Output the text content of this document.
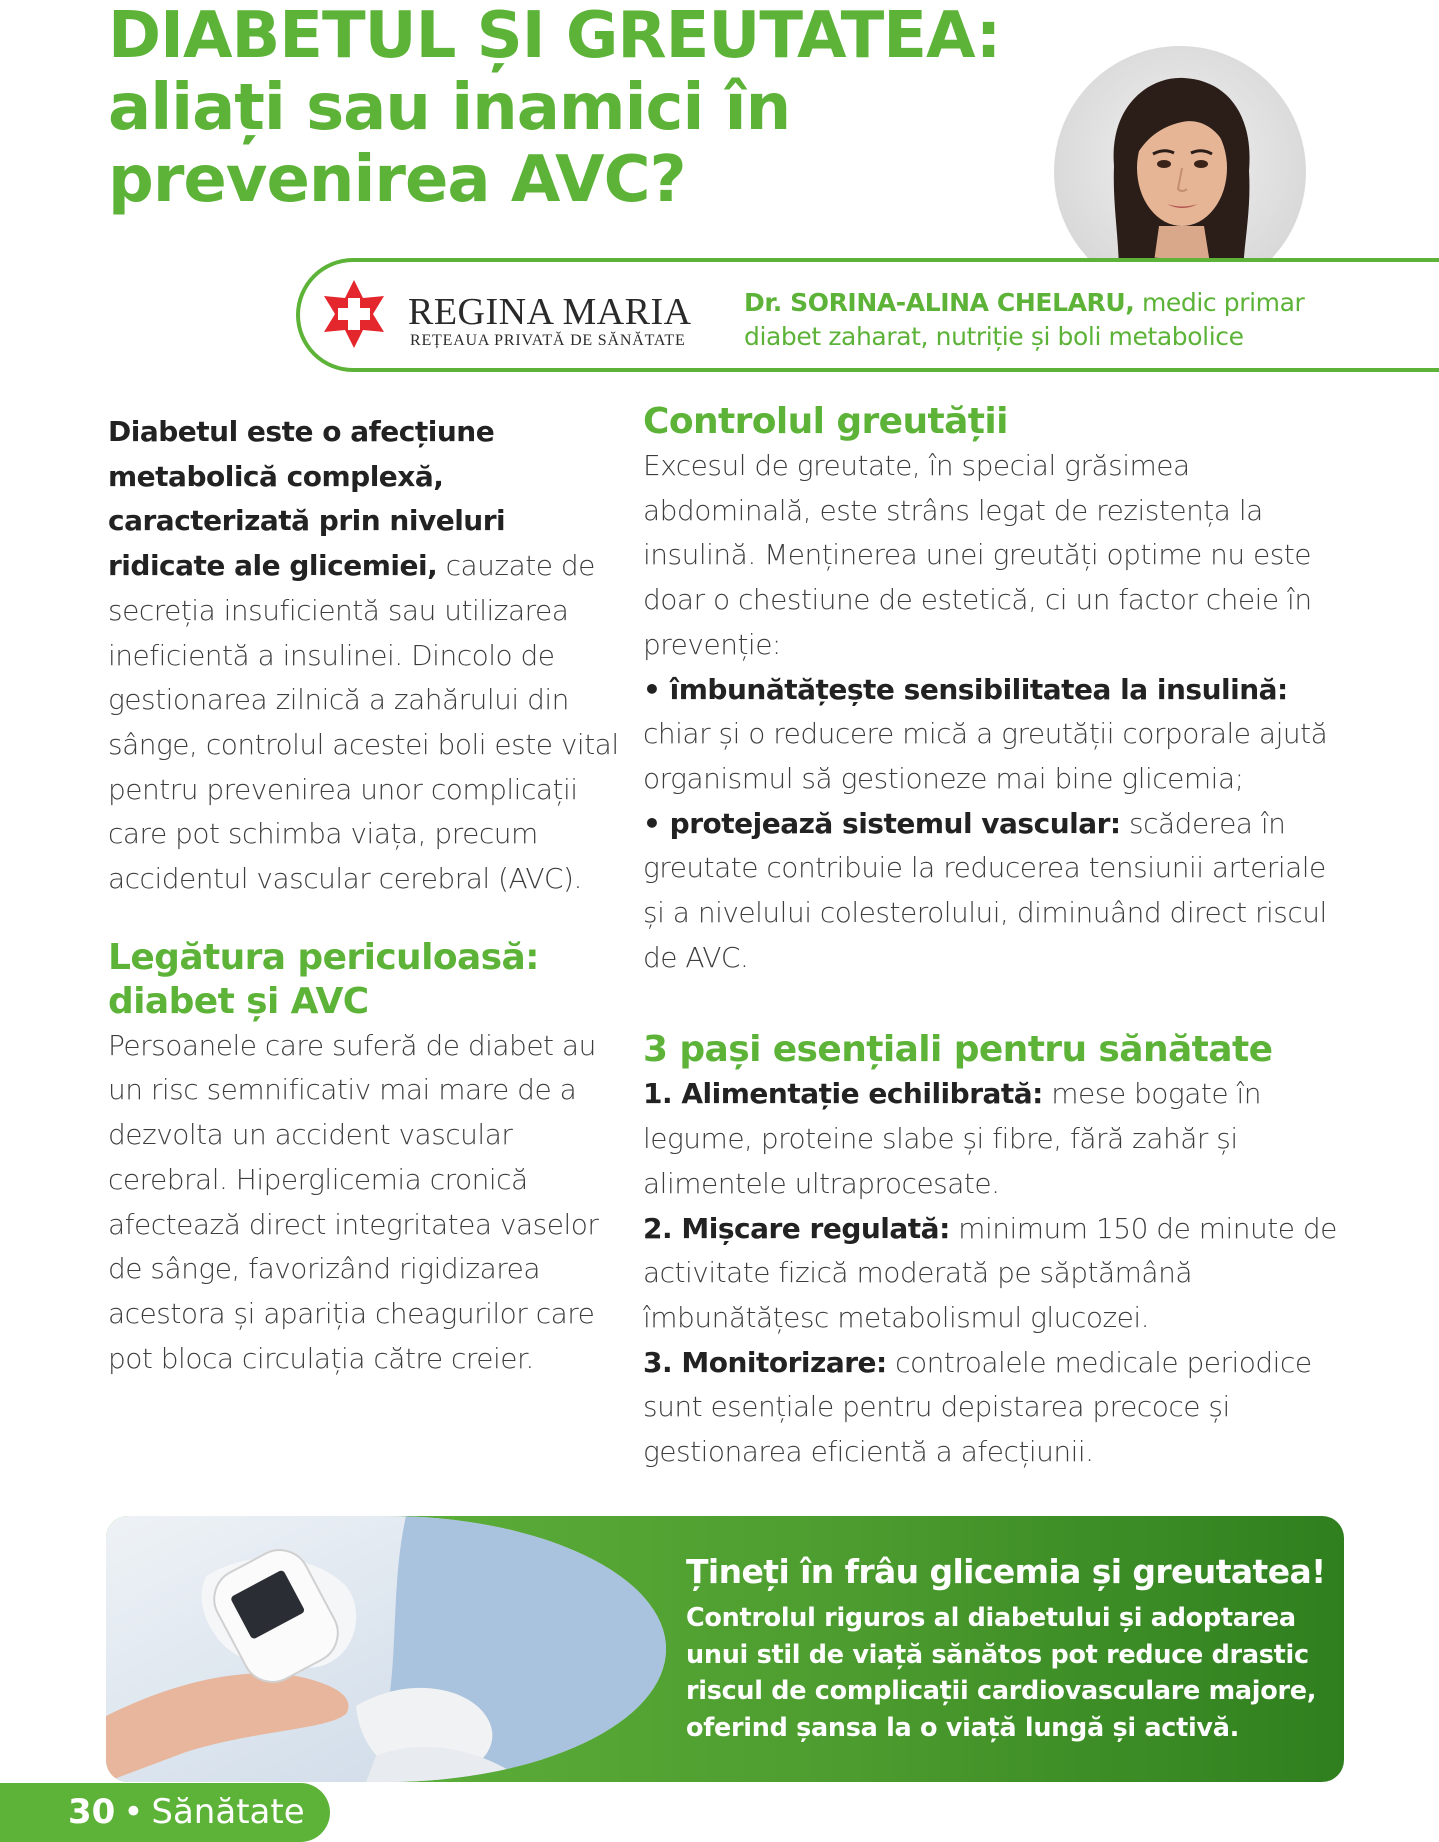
DIABETUL ȘI GREUTATEA:
aliați sau inamici în
prevenirea AVC?
REGINA MARIA
REȚEAUA PRIVATĂ DE SĂNĂTATE
Dr. SORINA-ALINA CHELARU, medic primar
diabet zaharat, nutriție și boli metabolice

Diabetul este o afecțiune metabolică complexă, caracterizată prin niveluri ridicate ale glicemiei, cauzate de secreția insuficientă sau utilizarea ineficientă a insulinei. Dincolo de gestionarea zilnică a zahărului din sânge, controlul acestei boli este vital pentru prevenirea unor complicații care pot schimba viața, precum accidentul vascular cerebral (AVC).

Legătura periculoasă: diabet și AVC

Persoanele care suferă de diabet au un risc semnificativ mai mare de a dezvolta un accident vascular cerebral. Hiperglicemia cronică afectează direct integritatea vaselor de sânge, favorizând rigidizarea acestora și apariția cheagurilor care pot bloca circulația către creier.

Controlul greutății

Excesul de greutate, în special grăsimea abdominală, este strâns legat de rezistența la insulină. Menținerea unei greutăți optime nu este doar o chestiune de estetică, ci un factor cheie în prevenție:

• îmbunătățește sensibilitatea la insulină: chiar și o reducere mică a greutății corporale ajută organismul să gestioneze mai bine glicemia;

• protejează sistemul vascular: scăderea în greutate contribuie la reducerea tensiunii arteriale și a nivelului colesterolului, diminuând direct riscul de AVC.

3 pași esențiali pentru sănătate

1. Alimentație echilibrată: mese bogate în legume, proteine slabe și fibre, fără zahăr și alimentele ultraprocesate.

2. Mișcare regulată: minimum 150 de minute de activitate fizică moderată pe săptămână îmbunătățesc metabolismul glucozei.

3. Monitorizare: controalele medicale periodice sunt esențiale pentru depistarea precoce și gestionarea eficientă a afecțiunii.

Țineți în frâu glicemia și greutatea!

Controlul riguros al diabetului și adoptarea unui stil de viață sănătos pot reduce drastic riscul de complicații cardiovasculare majore, oferind șansa la o viață lungă și activă.

30 • Sănătate
